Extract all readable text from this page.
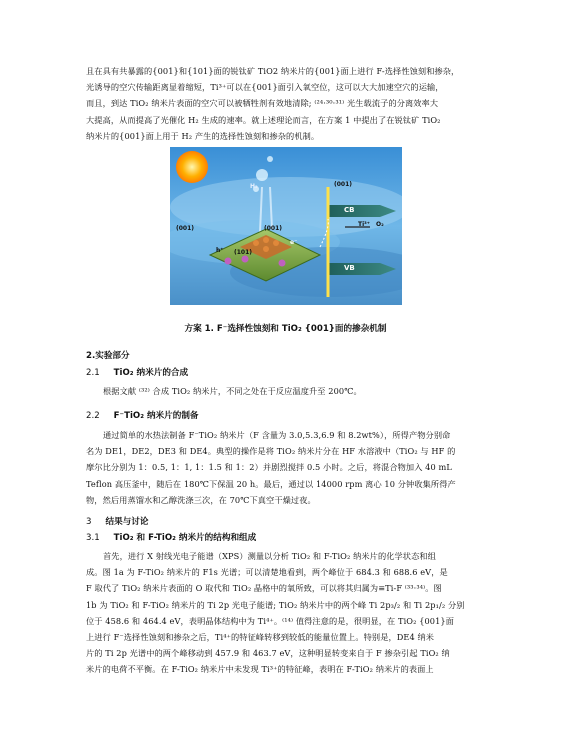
且在具有共暴露的{001}和{101}面的锐钛矿 TiO2 纳米片的{001}面上进行 F-选择性蚀刻和掺杂，

光诱导的空穴传输距离显着缩短，Ti³⁺可以在{001}面引入氧空位，这可以大大加速空穴的运输，

而且，到达 TiO₂ 纳米片表面的空穴可以被牺牲剂有效地清除; ⁽²⁴·³⁰·³¹⁾ 光生载流子的分离效率大

大提高，从而提高了光催化 H₂ 生成的速率。就上述理论而言，在方案 1 中提出了在锐钛矿 TiO₂

纳米片的{001}面上用于 H₂ 产生的选择性蚀刻和掺杂的机制。

H₂	(001)
(001)	(001)
(101)
h⁺
e⁻
CB
VB
Ti³⁺ O₂
方案 1. F⁻选择性蚀刻和 TiO₂ {001}面的掺杂机制
2.实验部分
2.1 TiO₂ 纳米片的合成

根据文献 ⁽³²⁾ 合成 TiO₂ 纳米片，不同之处在于反应温度升至 200℃。

2.2 F⁻TiO₂ 纳米片的制备

通过简单的水热法制备 F⁻TiO₂ 纳米片（F 含量为 3.0,5.3,6.9 和 8.2wt%），所得产物分别命

名为 DE1，DE2，DE3 和 DE4。典型的操作是将 TiO₂ 纳米片分在 HF 水溶液中（TiO₂ 与 HF 的

摩尔比分别为 1：0.5, 1：1, 1：1.5 和 1：2）并剧烈搅拌 0.5 小时。之后，将混合物加入 40 mL

Teflon 高压釜中，随后在 180℃下保温 20 h。最后，通过以 14000 rpm 离心 10 分钟收集所得产

物，然后用蒸馏水和乙醇洗涤三次，在 70℃下真空干燥过夜。

3 结果与讨论
3.1 TiO₂ 和 F-TiO₂ 纳米片的结构和组成

首先，进行 X 射线光电子能谱（XPS）测量以分析 TiO₂ 和 F-TiO₂ 纳米片的化学状态和组

成。图 1a 为 F-TiO₂ 纳米片的 F1s 光谱；可以清楚地看到，两个峰位于 684.3 和 688.6 eV，是

F 取代了 TiO₂ 纳米片表面的 O 取代和 TiO₂ 晶格中的氧所致，可以将其归属为≡Ti-F ⁽³³·³⁴⁾。图

1b 为 TiO₂ 和 F-TiO₂ 纳米片的 Ti 2p 光电子能谱; TiO₂ 纳米片中的两个峰 Ti 2p₃/₂ 和 Ti 2p₁/₂ 分别

位于 458.6 和 464.4 eV，表明晶体结构中为 Ti⁴⁺。⁽¹⁴⁾ 值得注意的是，很明显，在 TiO₂ {001}面

上进行 F⁻选择性蚀刻和掺杂之后，Ti⁴⁺的特征峰转移到较低的能量位置上。特别是，DE4 纳米

片的 Ti 2p 光谱中的两个峰移动到 457.9 和 463.7 eV，这种明显转变来自于 F 掺杂引起 TiO₂ 纳

米片的电荷不平衡。在 F-TiO₂ 纳米片中未发现 Ti³⁺的特征峰，表明在 F-TiO₂ 纳米片的表面上
